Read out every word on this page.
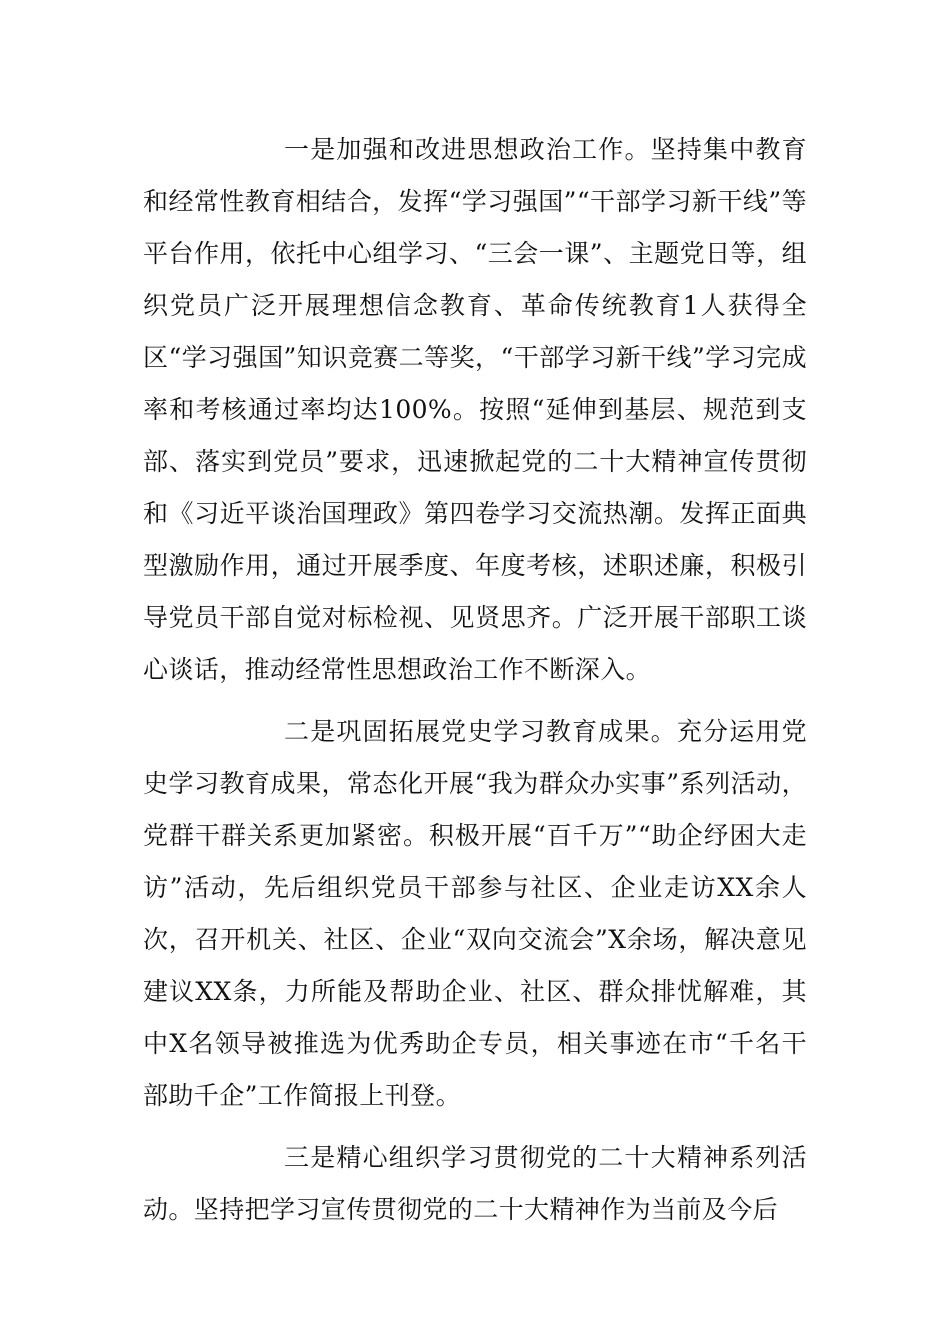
一是加强和改进思想政治工作。坚持集中教育和经常性教育相结合，发挥“学习强国”“干部学习新干线”等平台作用，依托中心组学习、“三会一课”、主题党日等，组织党员广泛开展理想信念教育、革命传统教育1人获得全区“学习强国”知识竞赛二等奖，“干部学习新干线”学习完成率和考核通过率均达100%。按照“延伸到基层、规范到支部、落实到党员”要求，迅速掀起党的二十大精神宣传贯彻和《习近平谈治国理政》第四卷学习交流热潮。发挥正面典型激励作用，通过开展季度、年度考核，述职述廉，积极引导党员干部自觉对标检视、见贤思齐。广泛开展干部职工谈心谈话，推动经常性思想政治工作不断深入。

二是巩固拓展党史学习教育成果。充分运用党史学习教育成果，常态化开展“我为群众办实事”系列活动，党群干群关系更加紧密。积极开展“百千万”“助企纾困大走访”活动，先后组织党员干部参与社区、企业走访XX余人次，召开机关、社区、企业“双向交流会”X余场，解决意见建议XX条，力所能及帮助企业、社区、群众排忧解难，其中X名领导被推选为优秀助企专员，相关事迹在市“千名干部助千企”工作简报上刊登。

三是精心组织学习贯彻党的二十大精神系列活动。坚持把学习宣传贯彻党的二十大精神作为当前及今后
